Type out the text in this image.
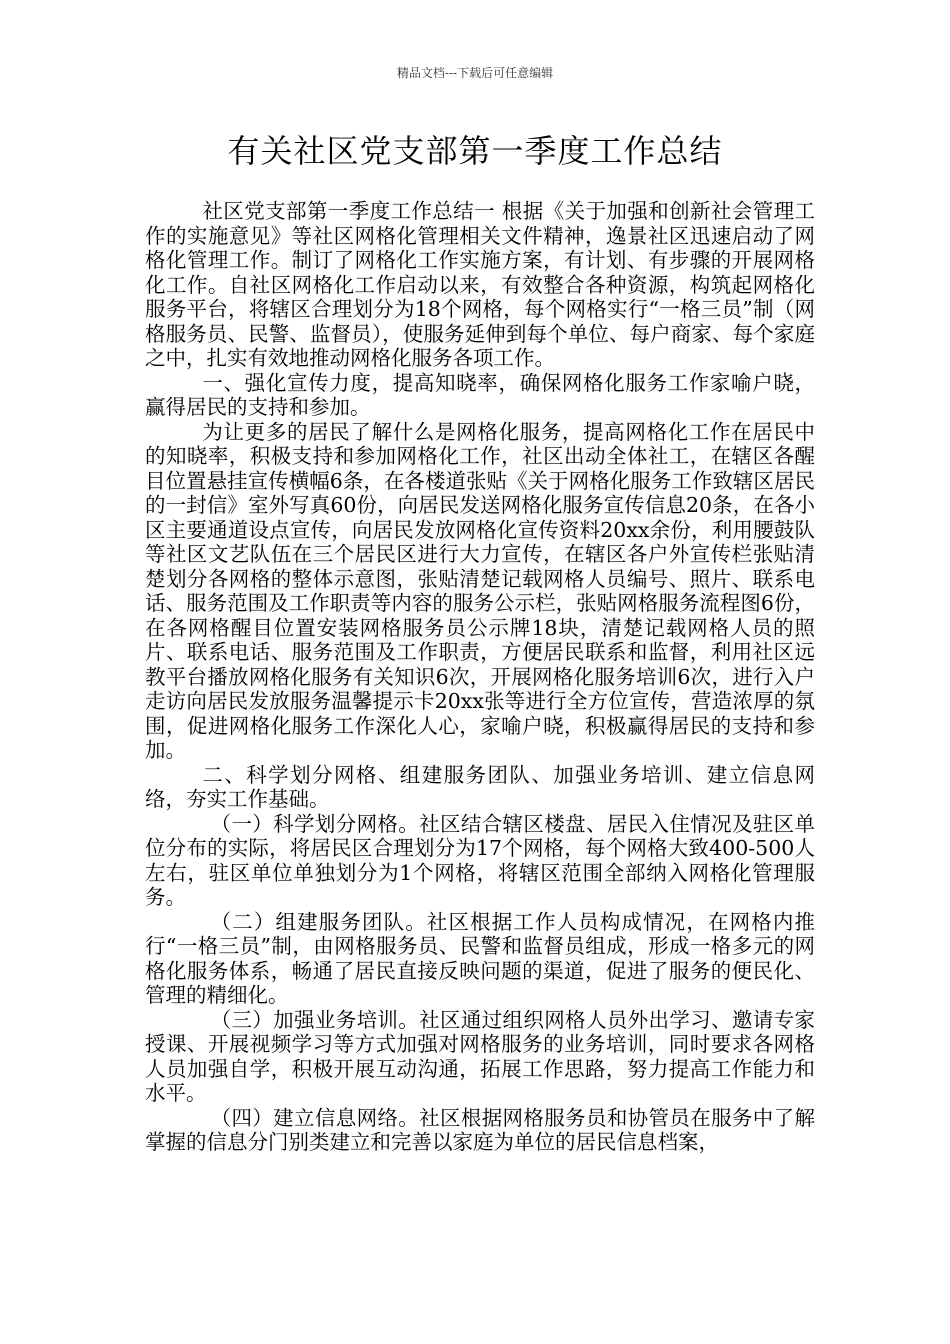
精品文档---下载后可任意编辑
有关社区党支部第一季度工作总结

社区党支部第一季度工作总结一 根据《关于加强和创新社会管理工作的实施意见》等社区网格化管理相关文件精神，逸景社区迅速启动了网格化管理工作。制订了网格化工作实施方案，有计划、有步骤的开展网格化工作。自社区网格化工作启动以来，有效整合各种资源，构筑起网格化服务平台，将辖区合理划分为18个网格，每个网格实行“一格三员”制（网格服务员、民警、监督员），使服务延伸到每个单位、每户商家、每个家庭之中，扎实有效地推动网格化服务各项工作。

一、强化宣传力度，提高知晓率，确保网格化服务工作家喻户晓，赢得居民的支持和参加。

为让更多的居民了解什么是网格化服务，提高网格化工作在居民中的知晓率，积极支持和参加网格化工作，社区出动全体社工，在辖区各醒目位置悬挂宣传横幅6条，在各楼道张贴《关于网格化服务工作致辖区居民的一封信》室外写真60份，向居民发送网格化服务宣传信息20条，在各小区主要通道设点宣传，向居民发放网格化宣传资料20xx余份，利用腰鼓队等社区文艺队伍在三个居民区进行大力宣传，在辖区各户外宣传栏张贴清楚划分各网格的整体示意图，张贴清楚记载网格人员编号、照片、联系电话、服务范围及工作职责等内容的服务公示栏，张贴网格服务流程图6份，在各网格醒目位置安装网格服务员公示牌18块，清楚记载网格人员的照片、联系电话、服务范围及工作职责，方便居民联系和监督，利用社区远教平台播放网格化服务有关知识6次，开展网格化服务培训6次，进行入户走访向居民发放服务温馨提示卡20xx张等进行全方位宣传，营造浓厚的氛围，促进网格化服务工作深化人心，家喻户晓，积极赢得居民的支持和参加。

二、科学划分网格、组建服务团队、加强业务培训、建立信息网络，夯实工作基础。

（一）科学划分网格。社区结合辖区楼盘、居民入住情况及驻区单位分布的实际，将居民区合理划分为17个网格，每个网格大致400-500人左右，驻区单位单独划分为1个网格，将辖区范围全部纳入网格化管理服务。

（二）组建服务团队。社区根据工作人员构成情况，在网格内推行“一格三员”制，由网格服务员、民警和监督员组成，形成一格多元的网格化服务体系，畅通了居民直接反映问题的渠道，促进了服务的便民化、管理的精细化。

（三）加强业务培训。社区通过组织网格人员外出学习、邀请专家授课、开展视频学习等方式加强对网格服务的业务培训，同时要求各网格人员加强自学，积极开展互动沟通，拓展工作思路，努力提高工作能力和水平。

（四）建立信息网络。社区根据网格服务员和协管员在服务中了解掌握的信息分门别类建立和完善以家庭为单位的居民信息档案，
